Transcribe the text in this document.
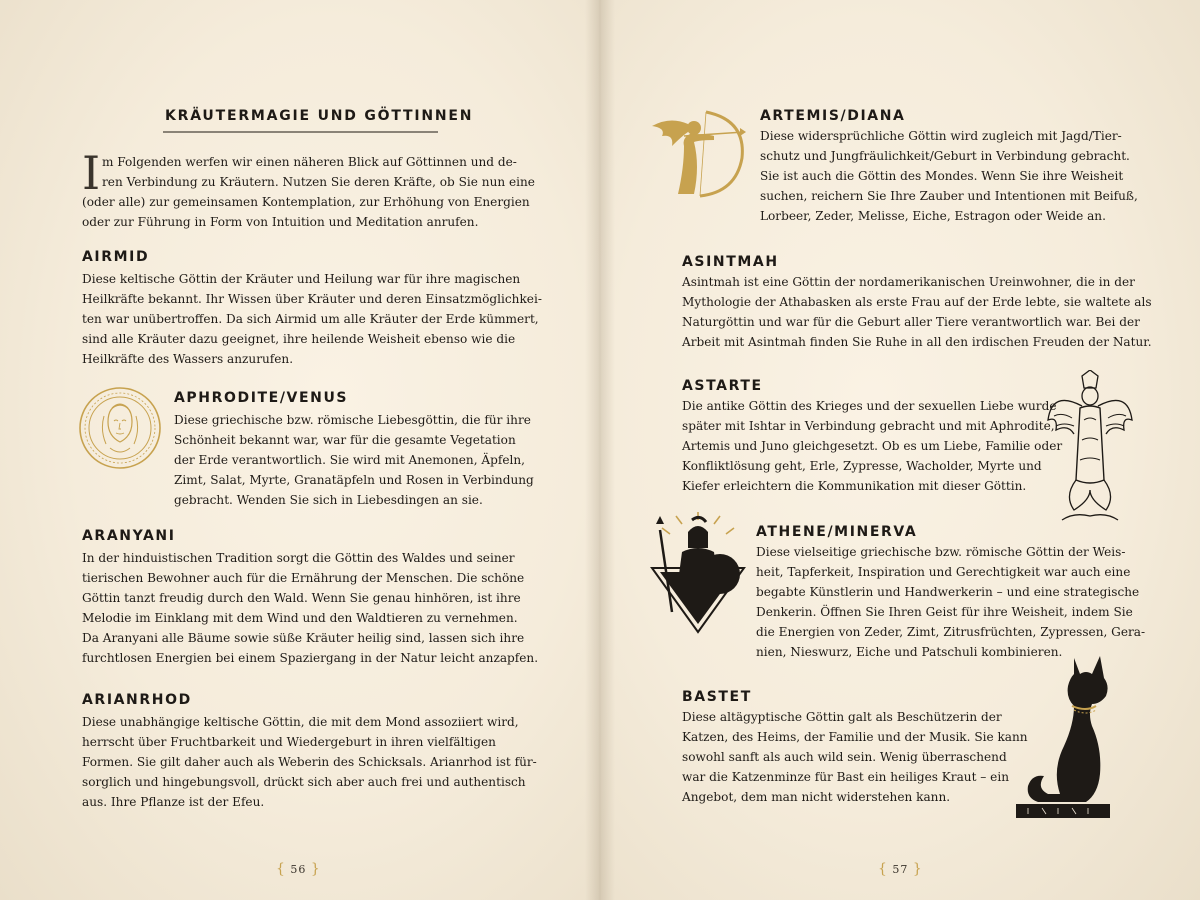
KRÄUTERMAGIE UND GÖTTINNEN
I m Folgenden werfen wir einen näheren Blick auf Göttinnen und de-
ren Verbindung zu Kräutern. Nutzen Sie deren Kräfte, ob Sie nun eine

(oder alle) zur gemeinsamen Kontemplation, zur Erhöhung von Energien
oder zur Führung in Form von Intuition und Meditation anrufen.

AIRMID

Diese keltische Göttin der Kräuter und Heilung war für ihre magischen
Heilkräfte bekannt. Ihr Wissen über Kräuter und deren Einsatzmöglichkei-
ten war unübertroffen. Da sich Airmid um alle Kräuter der Erde kümmert,
sind alle Kräuter dazu geeignet, ihre heilende Weisheit ebenso wie die
Heilkräfte des Wassers anzurufen.

APHRODITE/VENUS

Diese griechische bzw. römische Liebesgöttin, die für ihre
Schönheit bekannt war, war für die gesamte Vegetation
der Erde verantwortlich. Sie wird mit Anemonen, Äpfeln,
Zimt, Salat, Myrte, Granatäpfeln und Rosen in Verbindung
gebracht. Wenden Sie sich in Liebesdingen an sie.

ARANYANI

In der hinduistischen Tradition sorgt die Göttin des Waldes und seiner
tierischen Bewohner auch für die Ernährung der Menschen. Die schöne
Göttin tanzt freudig durch den Wald. Wenn Sie genau hinhören, ist ihre
Melodie im Einklang mit dem Wind und den Waldtieren zu vernehmen.
Da Aranyani alle Bäume sowie süße Kräuter heilig sind, lassen sich ihre
furchtlosen Energien bei einem Spaziergang in der Natur leicht anzapfen.

ARIANRHOD

Diese unabhängige keltische Göttin, die mit dem Mond assoziiert wird,
herrscht über Fruchtbarkeit und Wiedergeburt in ihren vielfältigen
Formen. Sie gilt daher auch als Weberin des Schicksals. Arianrhod ist für-
sorglich und hingebungsvoll, drückt sich aber auch frei und authentisch
aus. Ihre Pflanze ist der Efeu.

{ 56 }
ARTEMIS/DIANA

Diese widersprüchliche Göttin wird zugleich mit Jagd/Tier-
schutz und Jungfräulichkeit/Geburt in Verbindung gebracht.
Sie ist auch die Göttin des Mondes. Wenn Sie ihre Weisheit
suchen, reichern Sie Ihre Zauber und Intentionen mit Beifuß,
Lorbeer, Zeder, Melisse, Eiche, Estragon oder Weide an.

ASINTMAH

Asintmah ist eine Göttin der nordamerikanischen Ureinwohner, die in der
Mythologie der Athabasken als erste Frau auf der Erde lebte, sie waltete als
Naturgöttin und war für die Geburt aller Tiere verantwortlich war. Bei der
Arbeit mit Asintmah finden Sie Ruhe in all den irdischen Freuden der Natur.

ASTARTE

Die antike Göttin des Krieges und der sexuellen Liebe wurde
später mit Ishtar in Verbindung gebracht und mit Aphrodite,
Artemis und Juno gleichgesetzt. Ob es um Liebe, Familie oder
Konfliktlösung geht, Erle, Zypresse, Wacholder, Myrte und
Kiefer erleichtern die Kommunikation mit dieser Göttin.

ATHENE/MINERVA

Diese vielseitige griechische bzw. römische Göttin der Weis-
heit, Tapferkeit, Inspiration und Gerechtigkeit war auch eine
begabte Künstlerin und Handwerkerin – und eine strategische
Denkerin. Öffnen Sie Ihren Geist für ihre Weisheit, indem Sie
die Energien von Zeder, Zimt, Zitrusfrüchten, Zypressen, Gera-
nien, Nieswurz, Eiche und Patschuli kombinieren.

BASTET

Diese altägyptische Göttin galt als Beschützerin der
Katzen, des Heims, der Familie und der Musik. Sie kann
sowohl sanft als auch wild sein. Wenig überraschend
war die Katzenminze für Bast ein heiliges Kraut – ein
Angebot, dem man nicht widerstehen kann.

{ 57 }
